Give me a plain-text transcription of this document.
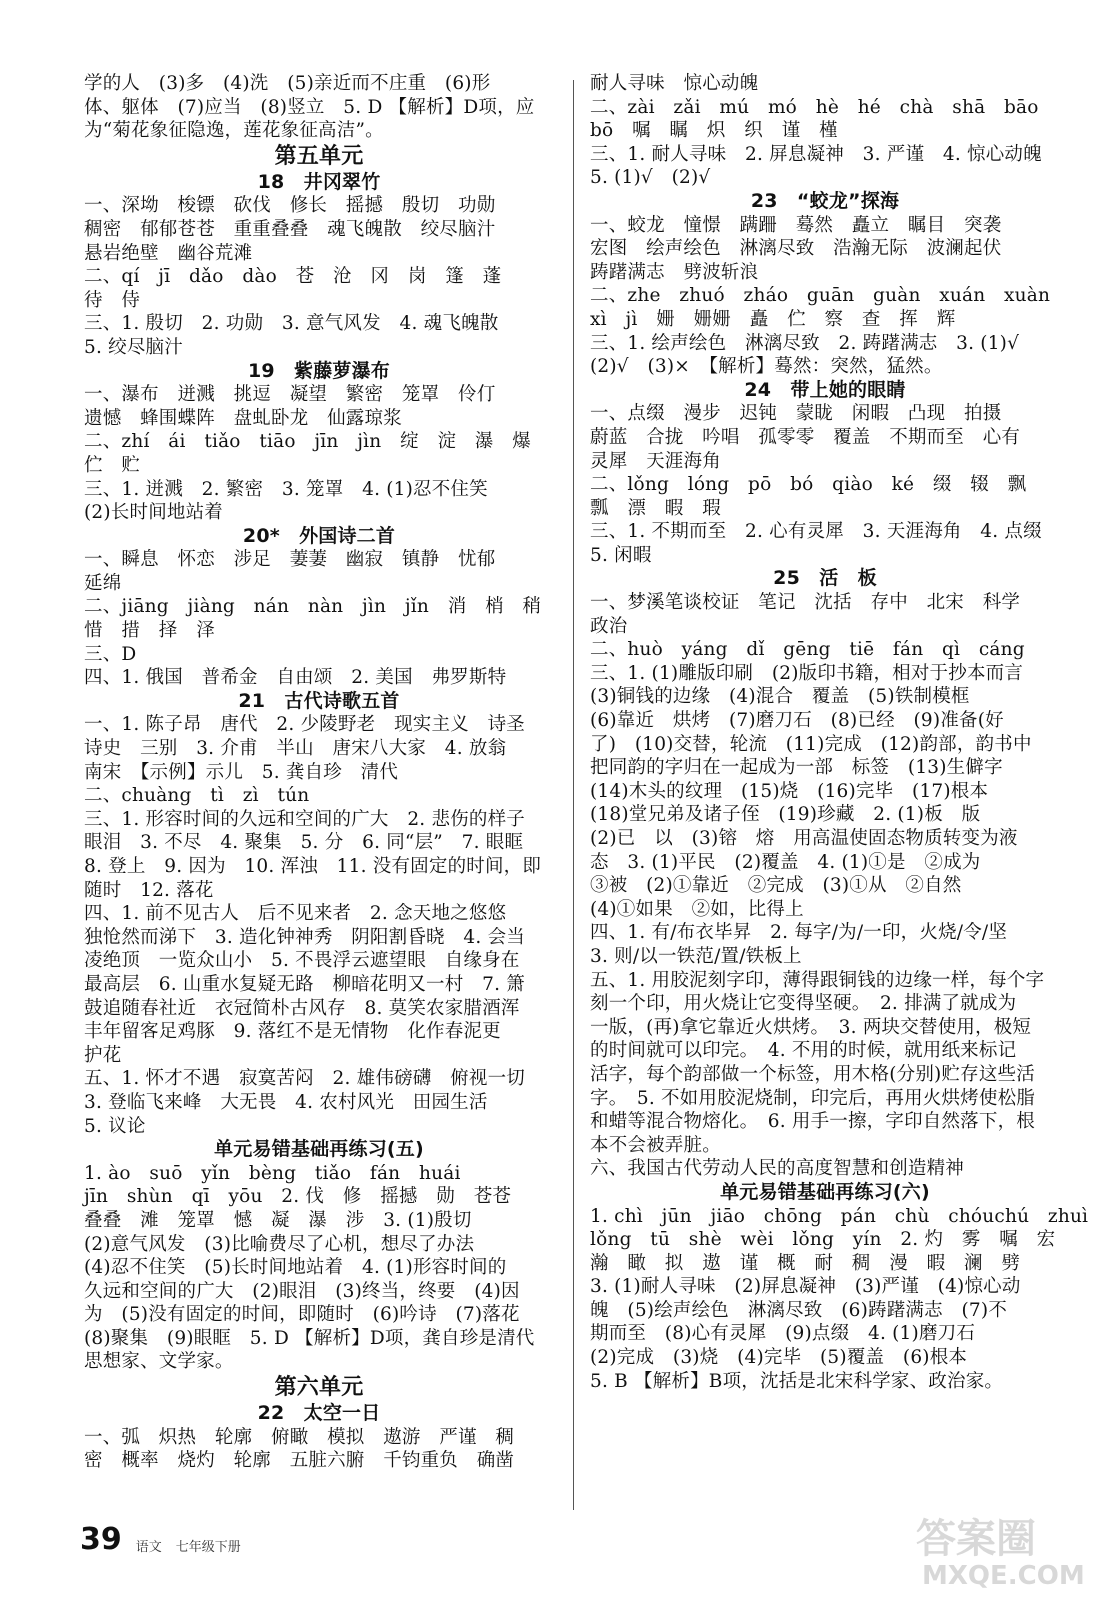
学的人　(3)多　(4)洗　(5)亲近而不庄重　(6)形
体、躯体　(7)应当　(8)竖立　5. D 【解析】D项，应
为“菊花象征隐逸，莲花象征高洁”。
第五单元
18　井冈翠竹
一、深坳　梭镖　砍伐　修长　摇撼　殷切　功勋
稠密　郁郁苍苍　重重叠叠　魂飞魄散　绞尽脑汁
悬岩绝壁　幽谷荒滩
二、qí　jī　dǎo　dào　苍　沧　冈　岗　篷　蓬
待　侍
三、1. 殷切　2. 功勋　3. 意气风发　4. 魂飞魄散
5. 绞尽脑汁
19　紫藤萝瀑布
一、瀑布　迸溅　挑逗　凝望　繁密　笼罩　伶仃
遗憾　蜂围蝶阵　盘虬卧龙　仙露琼浆
二、zhí　ái　tiǎo　tiāo　jīn　jìn　绽　淀　瀑　爆
伫　贮
三、1. 迸溅　2. 繁密　3. 笼罩　4. (1)忍不住笑
(2)长时间地站着
20*　外国诗二首
一、瞬息　怀恋　涉足　萋萋　幽寂　镇静　忧郁
延绵
二、jiāng　jiàng　nán　nàn　jìn　jǐn　消　梢　稍
惜　措　择　泽
三、D
四、1. 俄国　普希金　自由颂　2. 美国　弗罗斯特
21　古代诗歌五首
一、1. 陈子昂　唐代　2. 少陵野老　现实主义　诗圣
诗史　三别　3. 介甫　半山　唐宋八大家　4. 放翁
南宋　【示例】示儿　5. 龚自珍　清代
二、chuàng　tì　zì　tún
三、1. 形容时间的久远和空间的广大　2. 悲伤的样子
眼泪　3. 不尽　4. 聚集　5. 分　6. 同“层”　7. 眼眶
8. 登上　9. 因为　10. 浑浊　11. 没有固定的时间，即
随时　12. 落花
四、1. 前不见古人　后不见来者　2. 念天地之悠悠
独怆然而涕下　3. 造化钟神秀　阴阳割昏晓　4. 会当
凌绝顶　一览众山小　5. 不畏浮云遮望眼　自缘身在
最高层　6. 山重水复疑无路　柳暗花明又一村　7. 箫
鼓追随春社近　衣冠简朴古风存　8. 莫笑农家腊酒浑
丰年留客足鸡豚　9. 落红不是无情物　化作春泥更
护花
五、1. 怀才不遇　寂寞苦闷　2. 雄伟磅礴　俯视一切
3. 登临飞来峰　大无畏　4. 农村风光　田园生活
5. 议论
单元易错基础再练习(五)
1. ào　suō　yǐn　bèng　tiǎo　fán　huái
jīn　shùn　qī　yōu　2. 伐　修　摇撼　勋　苍苍
叠叠　滩　笼罩　憾　凝　瀑　涉　3. (1)殷切
(2)意气风发　(3)比喻费尽了心机，想尽了办法
(4)忍不住笑　(5)长时间地站着　4. (1)形容时间的
久远和空间的广大　(2)眼泪　(3)终当，终要　(4)因
为　(5)没有固定的时间，即随时　(6)吟诗　(7)落花
(8)聚集　(9)眼眶　5. D 【解析】D项，龚自珍是清代
思想家、文学家。
第六单元
22　太空一日
一、弧　炽热　轮廓　俯瞰　模拟　遨游　严谨　稠
密　概率　烧灼　轮廓　五脏六腑　千钧重负　确凿
耐人寻味　惊心动魄
二、zài　zǎi　mú　mó　hè　hé　chà　shā　bāo
bō　嘱　瞩　炽　织　谨　槿
三、1. 耐人寻味　2. 屏息凝神　3. 严谨　4. 惊心动魄
5. (1)√　(2)√
23　“蛟龙”探海
一、蛟龙　憧憬　蹒跚　蓦然　矗立　瞩目　突袭
宏图　绘声绘色　淋漓尽致　浩瀚无际　波澜起伏
踌躇满志　劈波斩浪
二、zhe　zhuó　zháo　guān　guàn　xuán　xuàn
xì　jì　姗　姗姗　矗　伫　察　查　挥　辉
三、1. 绘声绘色　淋漓尽致　2. 踌躇满志　3. (1)√
(2)√　(3)×　【解析】蓦然：突然，猛然。
24　带上她的眼睛
一、点缀　漫步　迟钝　蒙眬　闲暇　凸现　拍摄
蔚蓝　合拢　吟唱　孤零零　覆盖　不期而至　心有
灵犀　天涯海角
二、lǒng　lóng　pō　bó　qiào　ké　缀　辍　飘
瓢　漂　暇　瑕
三、1. 不期而至　2. 心有灵犀　3. 天涯海角　4. 点缀
5. 闲暇
25　活　板
一、梦溪笔谈校证　笔记　沈括　存中　北宋　科学
政治
二、huò　yáng　dǐ　gēng　tiē　fán　qì　cáng
三、1. (1)雕版印刷　(2)版印书籍，相对于抄本而言
(3)铜钱的边缘　(4)混合　覆盖　(5)铁制模框
(6)靠近　烘烤　(7)磨刀石　(8)已经　(9)准备(好
了)　(10)交替，轮流　(11)完成　(12)韵部，韵书中
把同韵的字归在一起成为一部　标签　(13)生僻字
(14)木头的纹理　(15)烧　(16)完毕　(17)根本
(18)堂兄弟及诸子侄　(19)珍藏　2. (1)板　版
(2)已　以　(3)镕　熔　用高温使固态物质转变为液
态　3. (1)平民　(2)覆盖　4. (1)①是　②成为
③被　(2)①靠近　②完成　(3)①从　②自然
(4)①如果　②如，比得上
四、1. 有/布衣毕昇　2. 每字/为/一印，火烧/令/坚
3. 则/以一铁范/置/铁板上
五、1. 用胶泥刻字印，薄得跟铜钱的边缘一样，每个字
刻一个印，用火烧让它变得坚硬。　2. 排满了就成为
一版，(再)拿它靠近火烘烤。　3. 两块交替使用，极短
的时间就可以印完。　4. 不用的时候，就用纸来标记
活字，每个韵部做一个标签，用木格(分别)贮存这些活
字。　5. 不如用胶泥烧制，印完后，再用火烘烤使松脂
和蜡等混合物熔化。　6. 用手一擦，字印自然落下，根
本不会被弄脏。
六、我国古代劳动人民的高度智慧和创造精神
单元易错基础再练习(六)
1. chì　jūn　jiāo　chōng　pán　chù　chóuchú　zhuì
lǒng　tū　shè　wèi　lǒng　yín　2. 灼　雾　嘱　宏
瀚　瞰　拟　遨　谨　概　耐　稠　漫　暇　澜　劈
3. (1)耐人寻味　(2)屏息凝神　(3)严谨　(4)惊心动
魄　(5)绘声绘色　淋漓尽致　(6)踌躇满志　(7)不
期而至　(8)心有灵犀　(9)点缀　4. (1)磨刀石
(2)完成　(3)烧　(4)完毕　(5)覆盖　(6)根本
5. B 【解析】B项，沈括是北宋科学家、政治家。
39 语文 七年级下册	答案圈
MXQE.COM
